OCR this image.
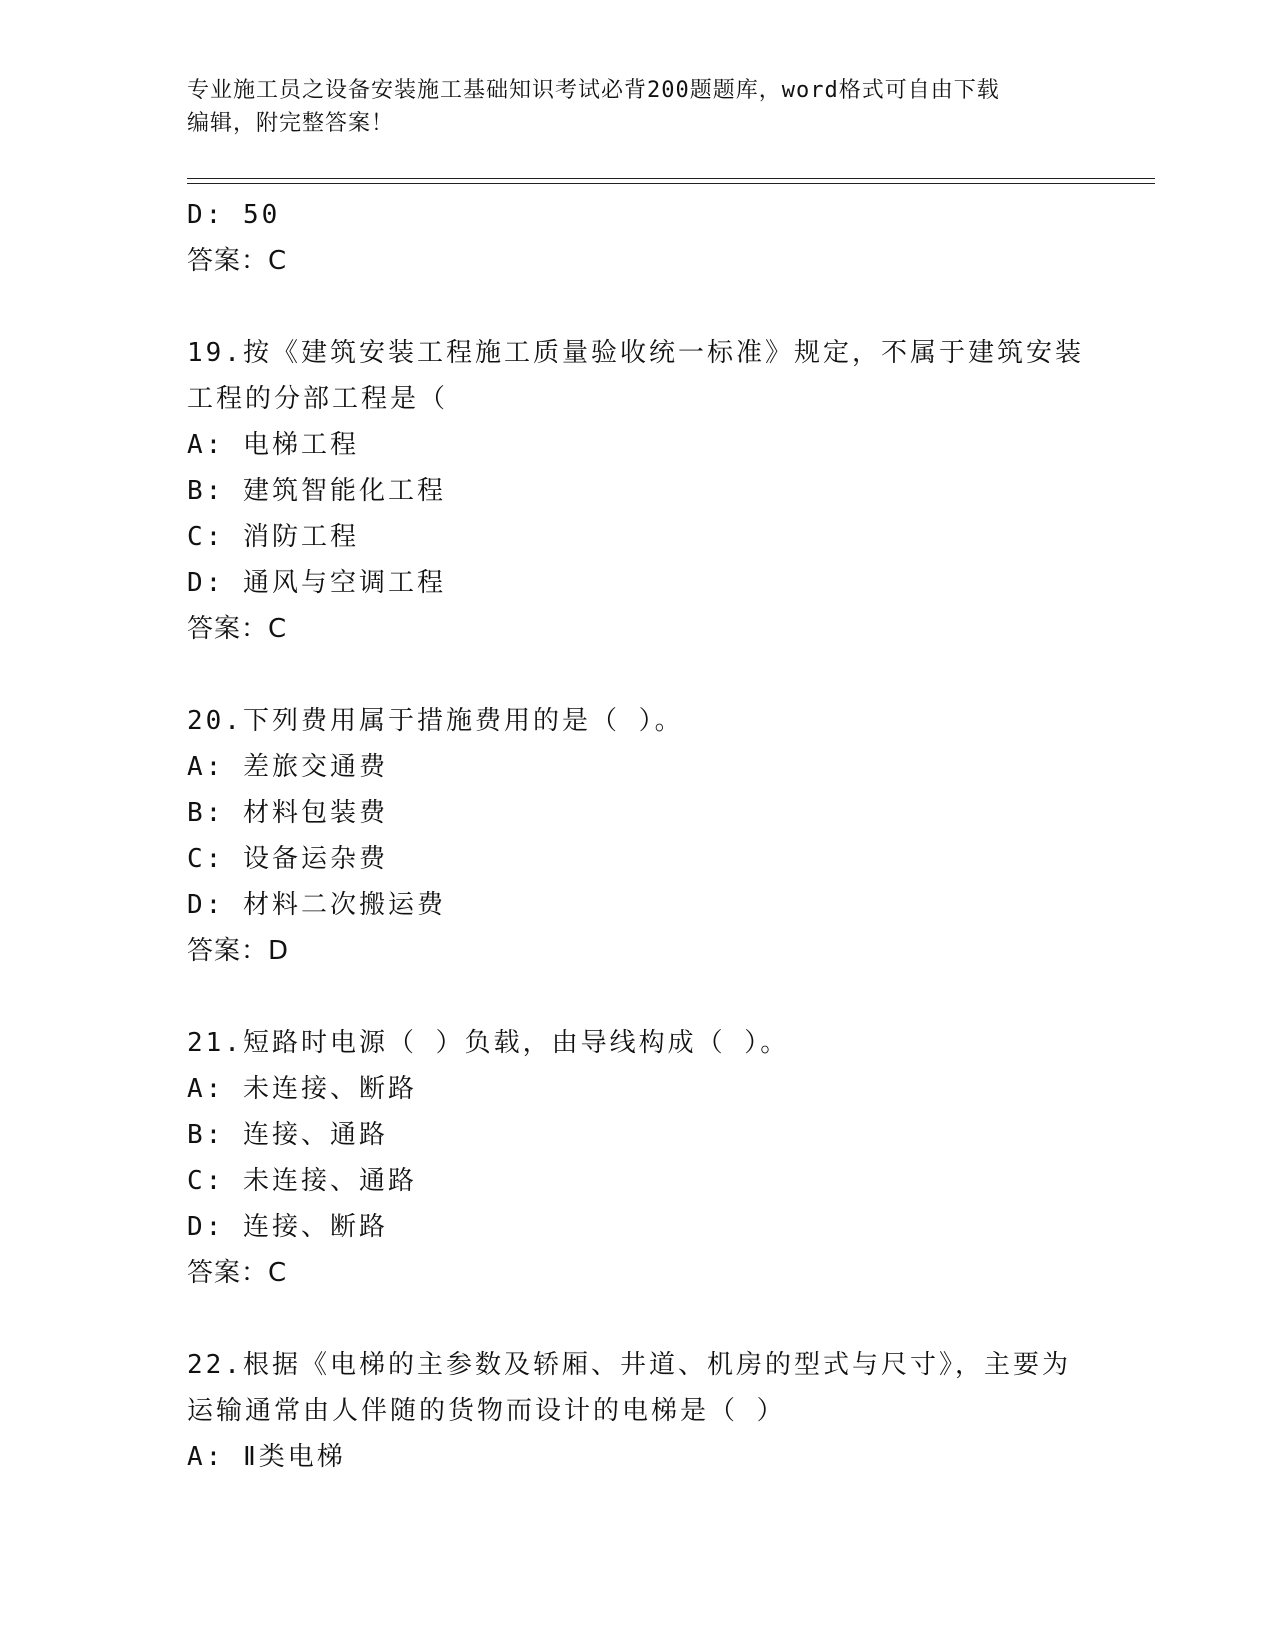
专业施工员之设备安装施工基础知识考试必背200题题库，word格式可自由下载
编辑，附完整答案！
D: 50
答案：C
19.按《建筑安装工程施工质量验收统一标准》规定，不属于建筑安装
工程的分部工程是（
A: 电梯工程
B: 建筑智能化工程
C: 消防工程
D: 通风与空调工程
答案：C
20.下列费用属于措施费用的是（ ）。
A: 差旅交通费
B: 材料包装费
C: 设备运杂费
D: 材料二次搬运费
答案：D
21.短路时电源（ ）负载，由导线构成（ ）。
A: 未连接、断路
B: 连接、通路
C: 未连接、通路
D: 连接、断路
答案：C
22.根据《电梯的主参数及轿厢、井道、机房的型式与尺寸》，主要为
运输通常由人伴随的货物而设计的电梯是（ ）
A: Ⅱ类电梯
